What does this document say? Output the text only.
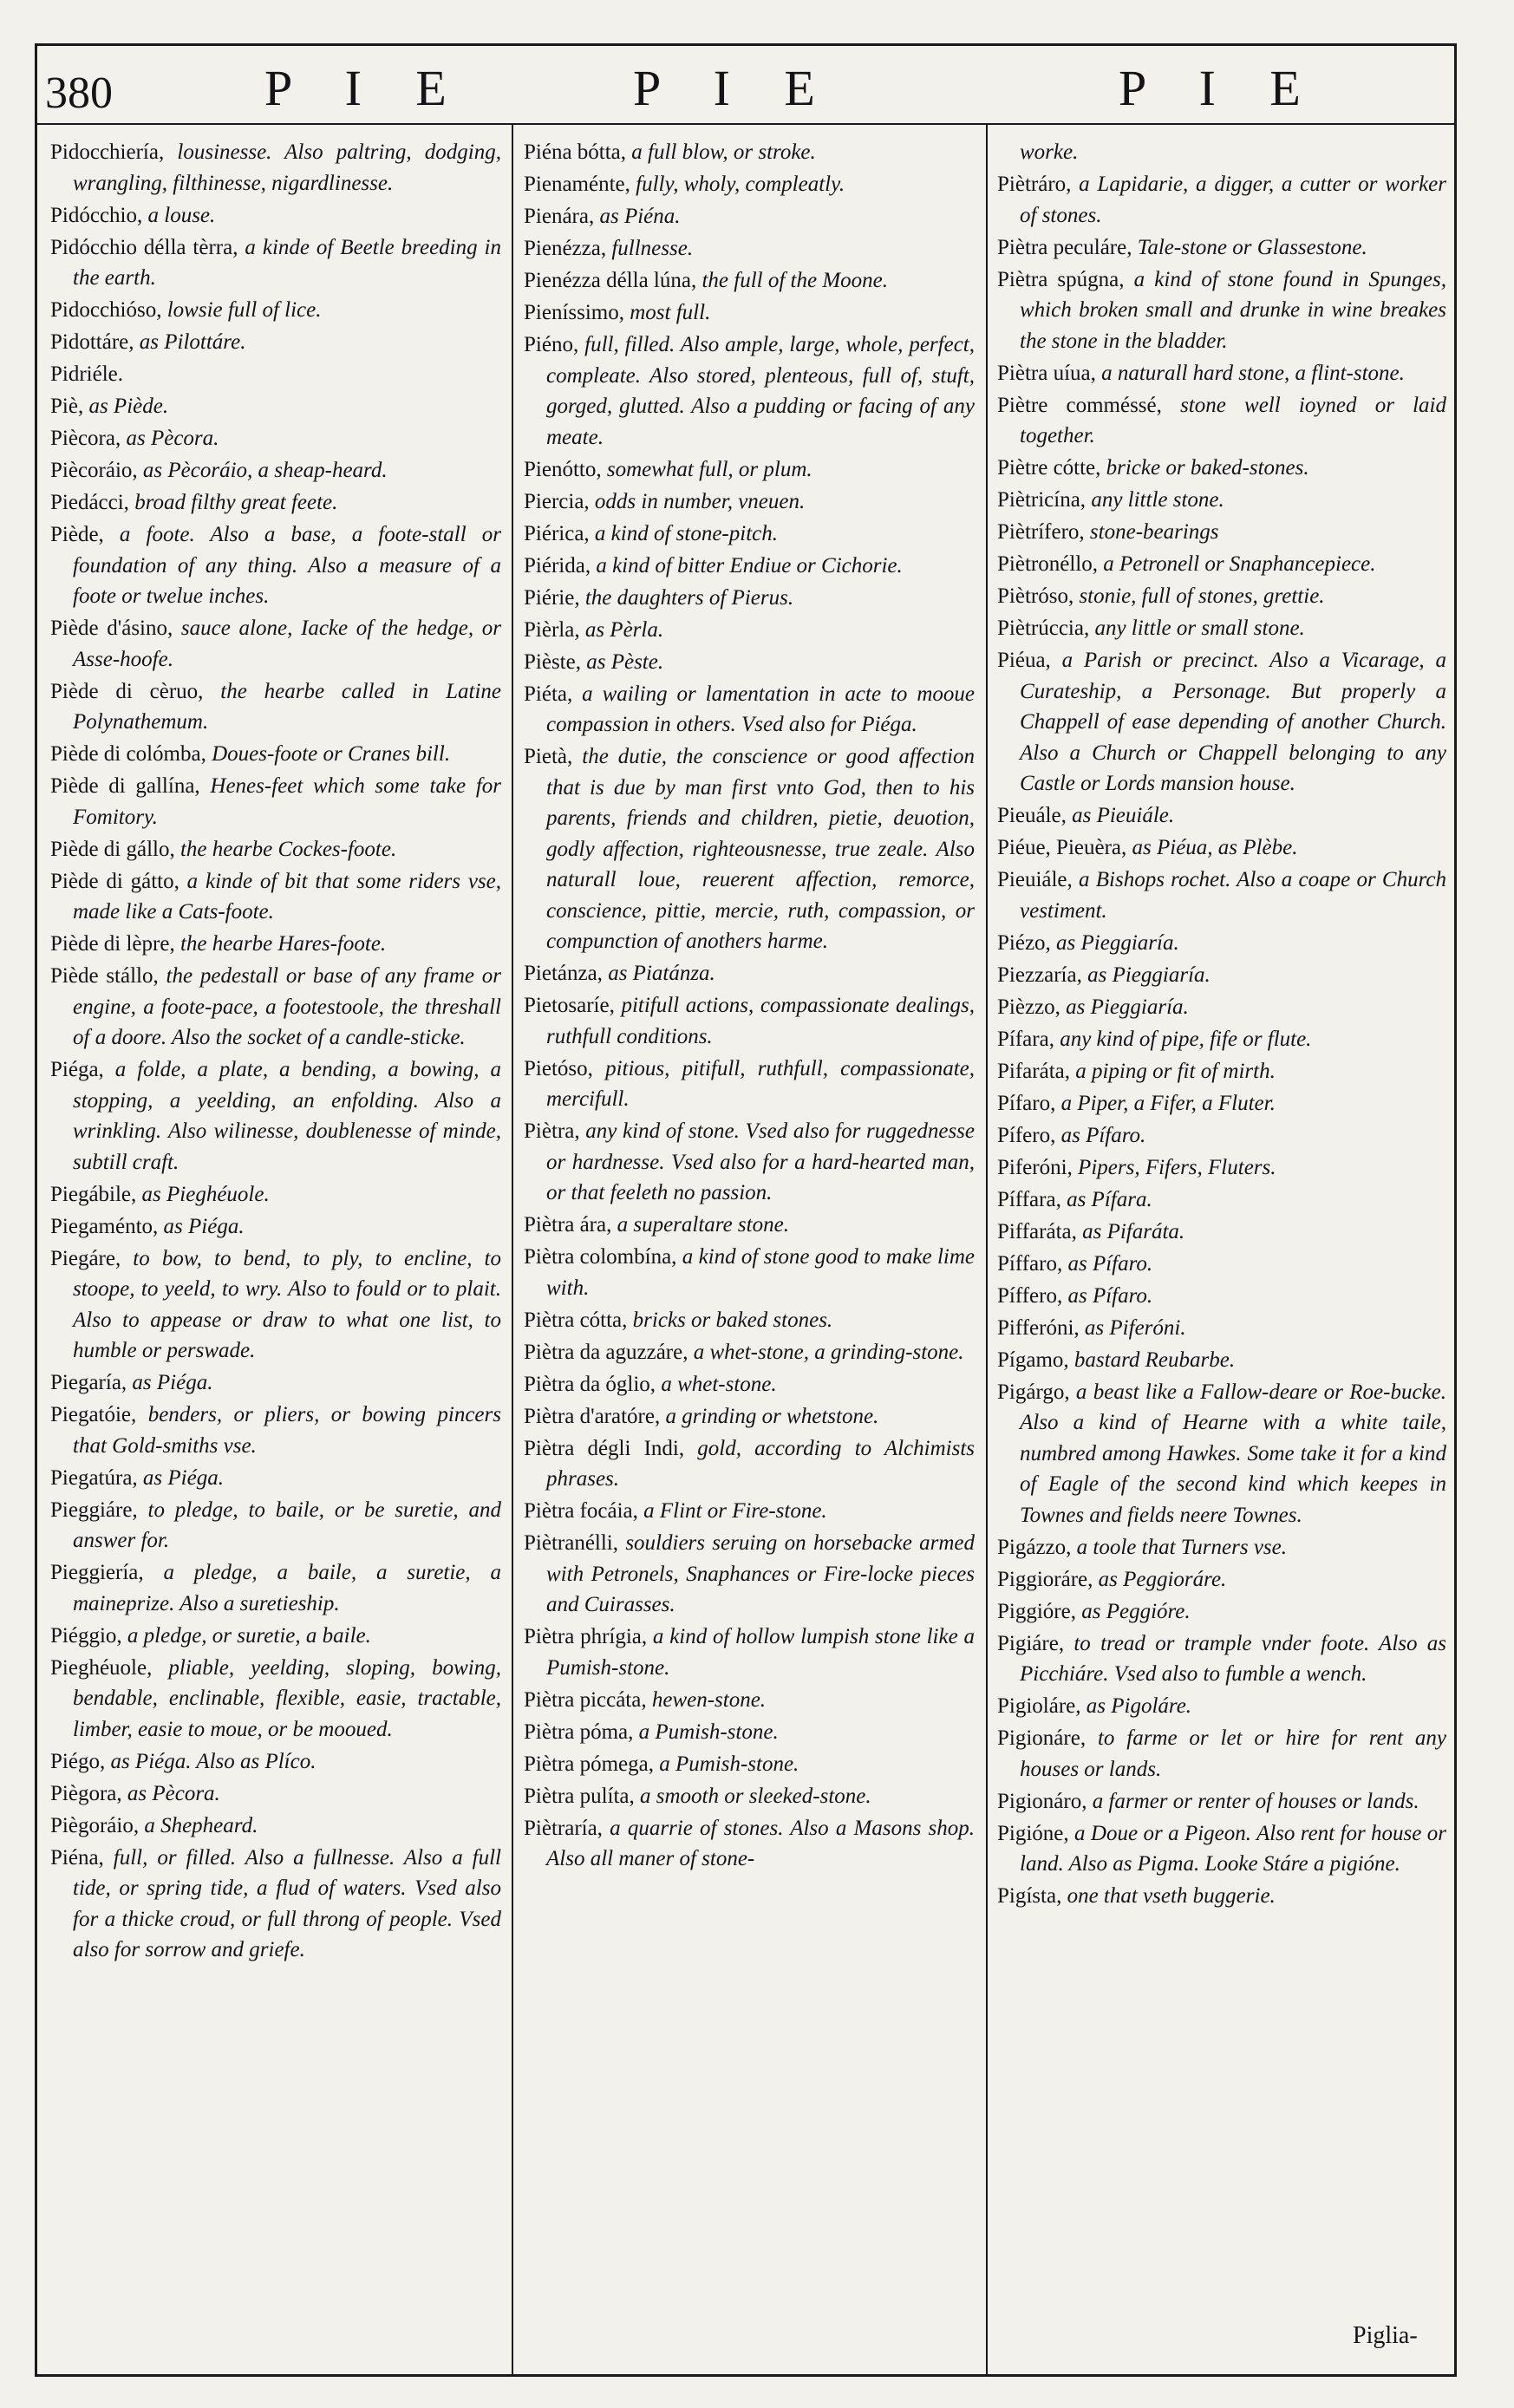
380	P I E	P I E	P I E

Pidocchiería, lousinesse. Also paltring, dodging, wrangling, filthinesse, nigardlinesse.

Pidócchio, a louse.

Pidócchio délla tèrra, a kinde of Beetle breeding in the earth.

Pidocchióso, lowsie full of lice.

Pidottáre, as Pilottáre.

Pidriéle.

Piè, as Piède.

Piècora, as Pècora.

Piècoráio, as Pècoráio, a sheap-heard.

Piedácci, broad filthy great feete.

Piède, a foote. Also a base, a foote-stall or foundation of any thing. Also a measure of a foote or twelue inches.

Piède d'ásino, sauce alone, Iacke of the hedge, or Asse-hoofe.

Piède di cèruo, the hearbe called in Latine Polynathemum.

Piède di colómba, Doues-foote or Cranes bill.

Piède di gallína, Henes-feet which some take for Fomitory.

Piède di gállo, the hearbe Cockes-foote.

Piède di gátto, a kinde of bit that some riders vse, made like a Cats-foote.

Piède di lèpre, the hearbe Hares-foote.

Piède stállo, the pedestall or base of any frame or engine, a foote-pace, a footestoole, the threshall of a doore. Also the socket of a candle-sticke.

Piéga, a folde, a plate, a bending, a bowing, a stopping, a yeelding, an enfolding. Also a wrinkling. Also wilinesse, doublenesse of minde, subtill craft.

Piegábile, as Pieghéuole.

Piegaménto, as Piéga.

Piegáre, to bow, to bend, to ply, to encline, to stoope, to yeeld, to wry. Also to fould or to plait. Also to appease or draw to what one list, to humble or perswade.

Piegaría, as Piéga.

Piegatóie, benders, or pliers, or bowing pincers that Gold-smiths vse.

Piegatúra, as Piéga.

Pieggiáre, to pledge, to baile, or be suretie, and answer for.

Pieggiería, a pledge, a baile, a suretie, a maineprize. Also a suretieship.

Piéggio, a pledge, or suretie, a baile.

Pieghéuole, pliable, yeelding, sloping, bowing, bendable, enclinable, flexible, easie, tractable, limber, easie to moue, or be mooued.

Piégo, as Piéga. Also as Plíco.

Piègora, as Pècora.

Piègoráio, a Shepheard.

Piéna, full, or filled. Also a fullnesse. Also a full tide, or spring tide, a flud of waters. Vsed also for a thicke croud, or full throng of people. Vsed also for sorrow and griefe.

Piéna bótta, a full blow, or stroke.

Pienaménte, fully, wholy, compleatly.

Pienára, as Piéna.

Pienézza, fullnesse.

Pienézza délla lúna, the full of the Moone.

Pieníssimo, most full.

Piéno, full, filled. Also ample, large, whole, perfect, compleate. Also stored, plenteous, full of, stuft, gorged, glutted. Also a pudding or facing of any meate.

Pienótto, somewhat full, or plum.

Piercia, odds in number, vneuen.

Piérica, a kind of stone-pitch.

Piérida, a kind of bitter Endiue or Cichorie.

Piérie, the daughters of Pierus.

Pièrla, as Pèrla.

Pièste, as Pèste.

Piéta, a wailing or lamentation in acte to mooue compassion in others. Vsed also for Piéga.

Pietà, the dutie, the conscience or good affection that is due by man first vnto God, then to his parents, friends and children, pietie, deuotion, godly affection, righteousnesse, true zeale. Also naturall loue, reuerent affection, remorce, conscience, pittie, mercie, ruth, compassion, or compunction of anothers harme.

Pietánza, as Piatánza.

Pietosaríe, pitifull actions, compassionate dealings, ruthfull conditions.

Pietóso, pitious, pitifull, ruthfull, compassionate, mercifull.

Piètra, any kind of stone. Vsed also for ruggednesse or hardnesse. Vsed also for a hard-hearted man, or that feeleth no passion.

Piètra ára, a superaltare stone.

Piètra colombína, a kind of stone good to make lime with.

Piètra cótta, bricks or baked stones.

Piètra da aguzzáre, a whet-stone, a grinding-stone.

Piètra da óglio, a whet-stone.

Piètra d'aratóre, a grinding or whetstone.

Piètra dégli Indi, gold, according to Alchimists phrases.

Piètra focáia, a Flint or Fire-stone.

Piètranélli, souldiers seruing on horsebacke armed with Petronels, Snaphances or Fire-locke pieces and Cuirasses.

Piètra phrígia, a kind of hollow lumpish stone like a Pumish-stone.

Piètra piccáta, hewen-stone.

Piètra póma, a Pumish-stone.

Piètra pómega, a Pumish-stone.

Piètra pulíta, a smooth or sleeked-stone.

Piètraría, a quarrie of stones. Also a Masons shop. Also all maner of stone-

worke.

Piètráro, a Lapidarie, a digger, a cutter or worker of stones.

Piètra peculáre, Tale-stone or Glassestone.

Piètra spúgna, a kind of stone found in Spunges, which broken small and drunke in wine breakes the stone in the bladder.

Piètra uíua, a naturall hard stone, a flint-stone.

Piètre comméssé, stone well ioyned or laid together.

Piètre cótte, bricke or baked-stones.

Piètricína, any little stone.

Piètrífero, stone-bearings

Piètronéllo, a Petronell or Snaphancepiece.

Piètróso, stonie, full of stones, grettie.

Piètrúccia, any little or small stone.

Piéua, a Parish or precinct. Also a Vicarage, a Curateship, a Personage. But properly a Chappell of ease depending of another Church. Also a Church or Chappell belonging to any Castle or Lords mansion house.

Pieuále, as Pieuiále.

Piéue, Pieuèra, as Piéua, as Plèbe.

Pieuiále, a Bishops rochet. Also a coape or Church vestiment.

Piézo, as Pieggiaría.

Piezzaría, as Pieggiaría.

Pièzzo, as Pieggiaría.

Pífara, any kind of pipe, fife or flute.

Pifaráta, a piping or fit of mirth.

Pífaro, a Piper, a Fifer, a Fluter.

Pífero, as Pífaro.

Piferóni, Pipers, Fifers, Fluters.

Píffara, as Pífara.

Piffaráta, as Pifaráta.

Píffaro, as Pífaro.

Píffero, as Pífaro.

Pifferóni, as Piferóni.

Pígamo, bastard Reubarbe.

Pigárgo, a beast like a Fallow-deare or Roe-bucke. Also a kind of Hearne with a white taile, numbred among Hawkes. Some take it for a kind of Eagle of the second kind which keepes in Townes and fields neere Townes.

Pigázzo, a toole that Turners vse.

Piggioráre, as Peggioráre.

Piggióre, as Peggióre.

Pigiáre, to tread or trample vnder foote. Also as Picchiáre. Vsed also to fumble a wench.

Pigioláre, as Pigoláre.

Pigionáre, to farme or let or hire for rent any houses or lands.

Pigionáro, a farmer or renter of houses or lands.

Pigióne, a Doue or a Pigeon. Also rent for house or land. Also as Pigma. Looke Stáre a pigióne.

Pigísta, one that vseth buggerie.

Piglia-
